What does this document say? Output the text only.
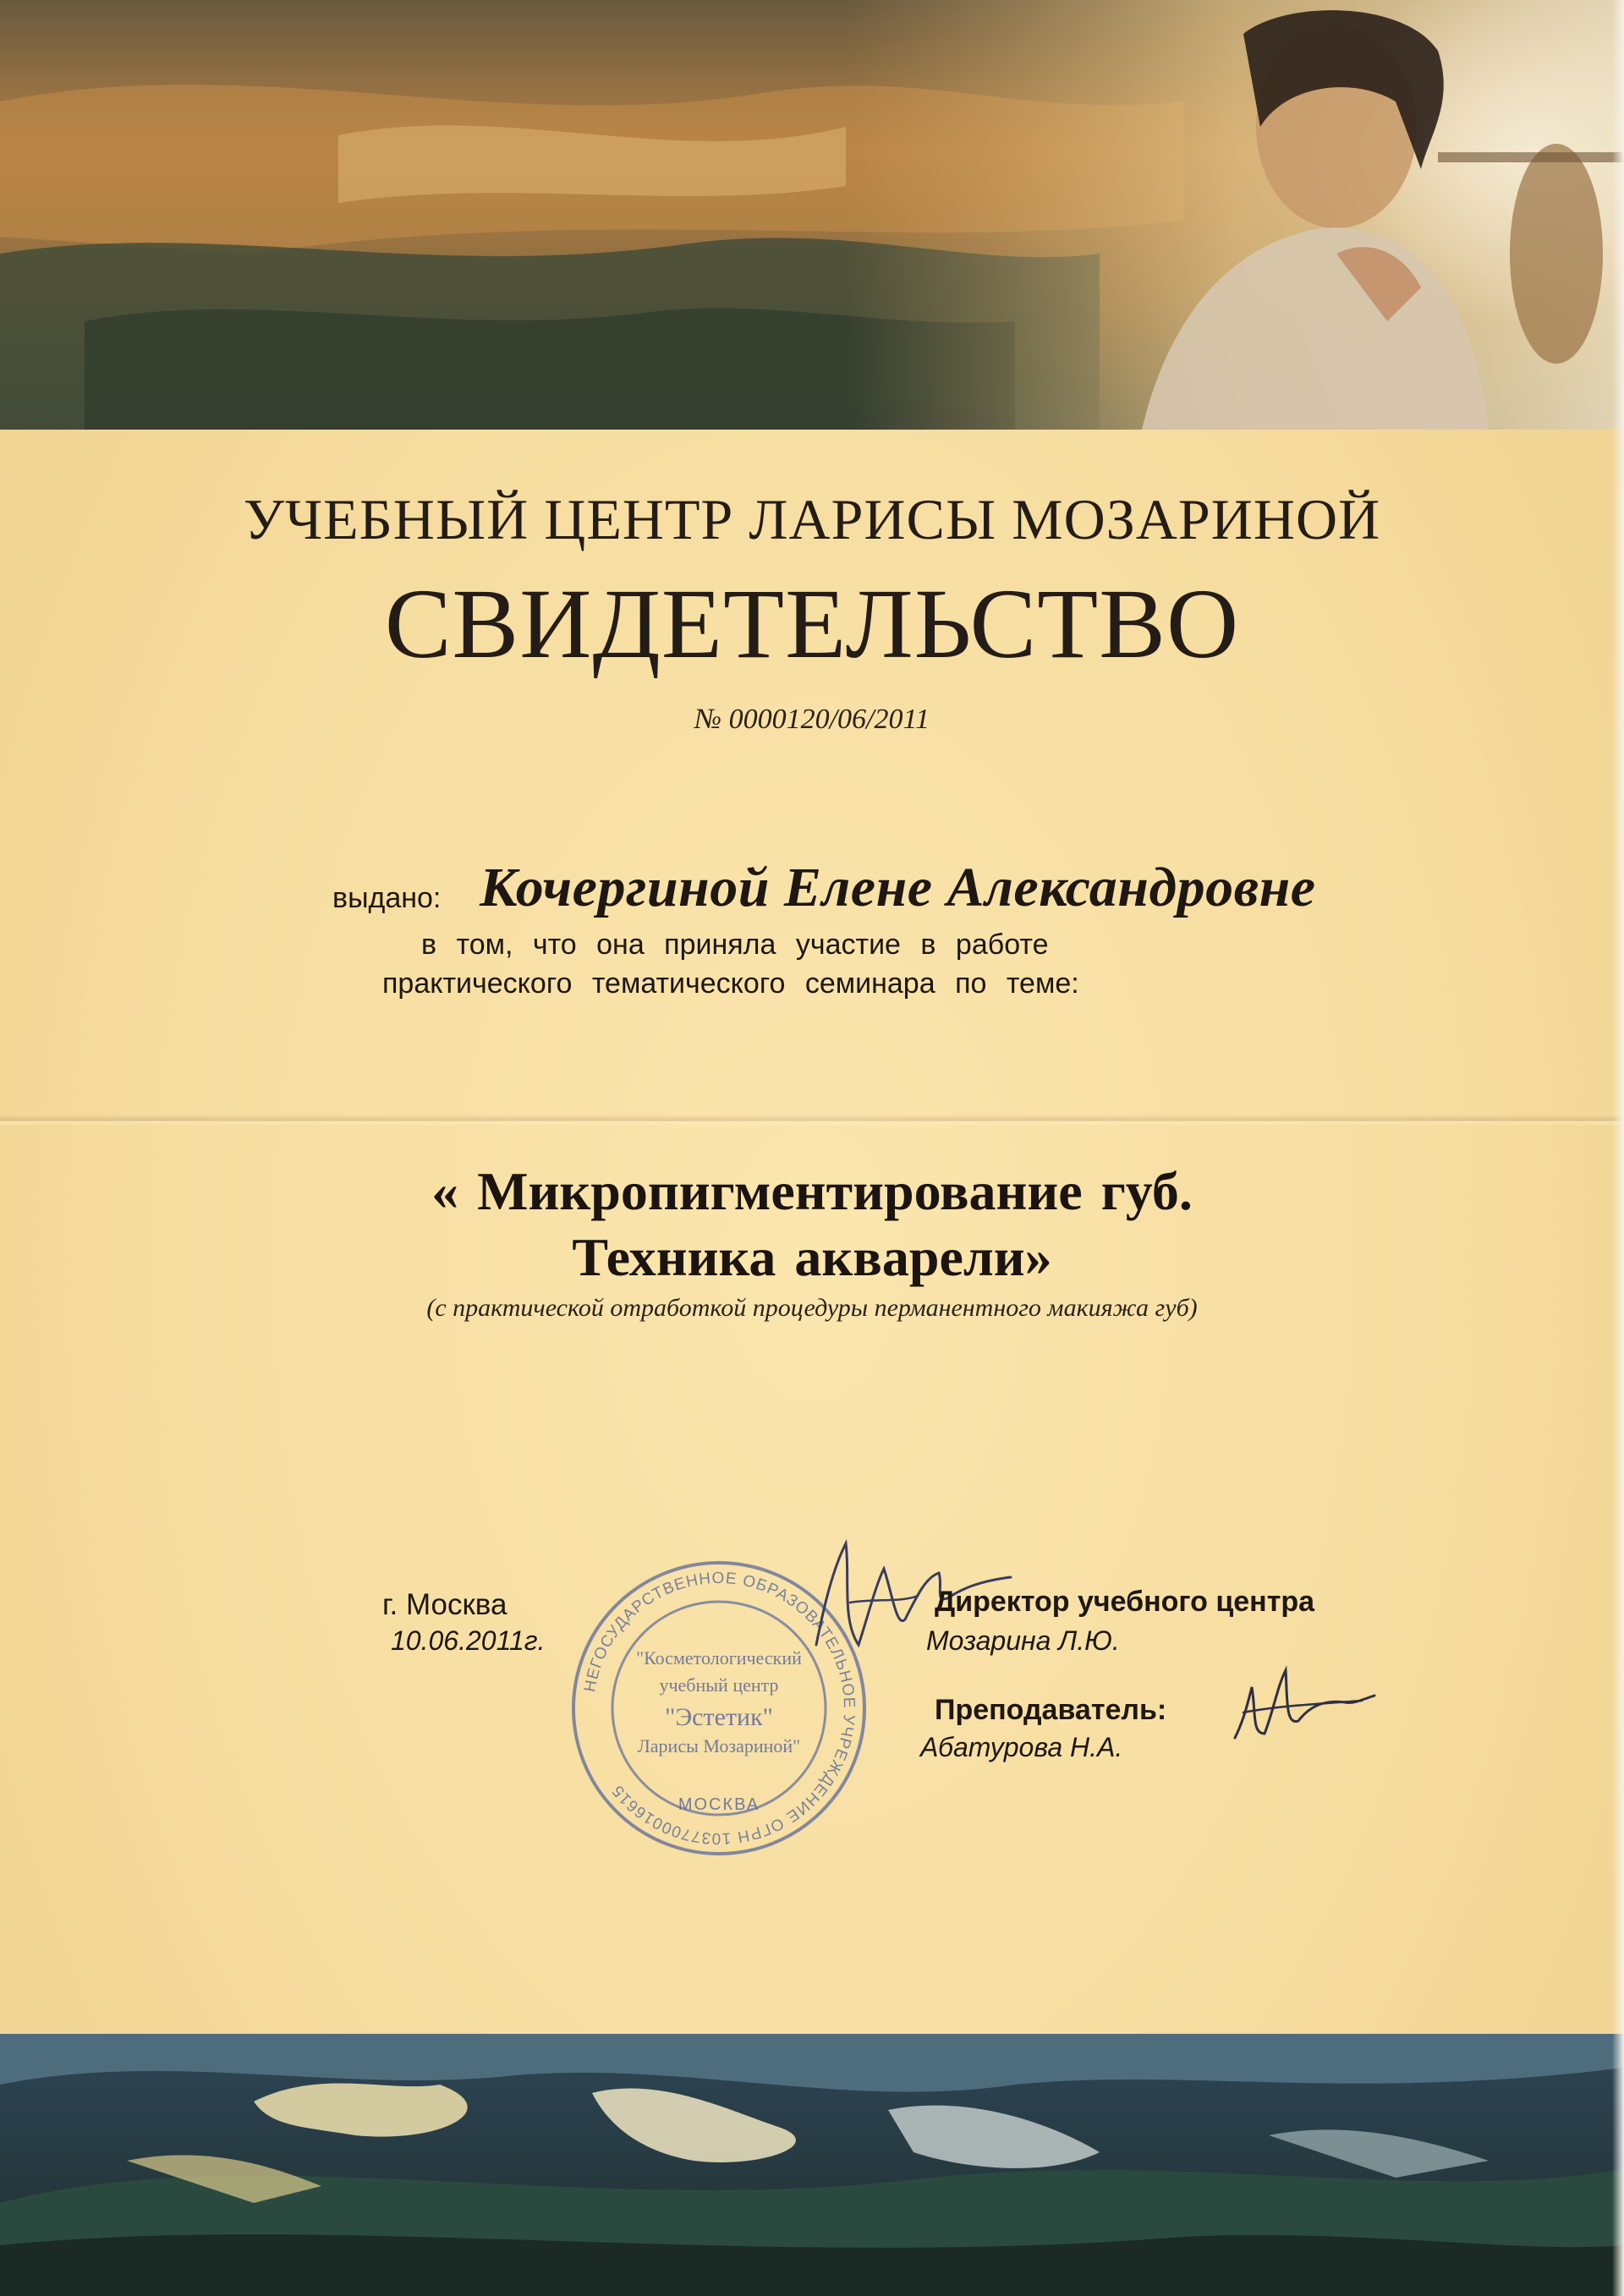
УЧЕБНЫЙ ЦЕНТР ЛАРИСЫ МОЗАРИНОЙ
СВИДЕТЕЛЬСТВО
№ 0000120/06/2011
выдано: Кочергиной Елене Александровне
в том, что она приняла участие в работе
практического тематического семинара по теме:
« Микропигментирование губ.
Техника акварели»
(с практической отработкой процедуры перманентного макияжа губ)
г. Москва
10.06.2011г.
НЕГОСУДАРСТВЕННОЕ ОБРАЗОВАТЕЛЬНОЕ УЧРЕЖДЕНИЕ ОГРН 1037700016615
"Косметологический
учебный центр
"Эстетик"
Ларисы Мозариной"
МОСКВА
Директор учебного центра
Мозарина Л.Ю.
Преподаватель:
Абатурова Н.А.
